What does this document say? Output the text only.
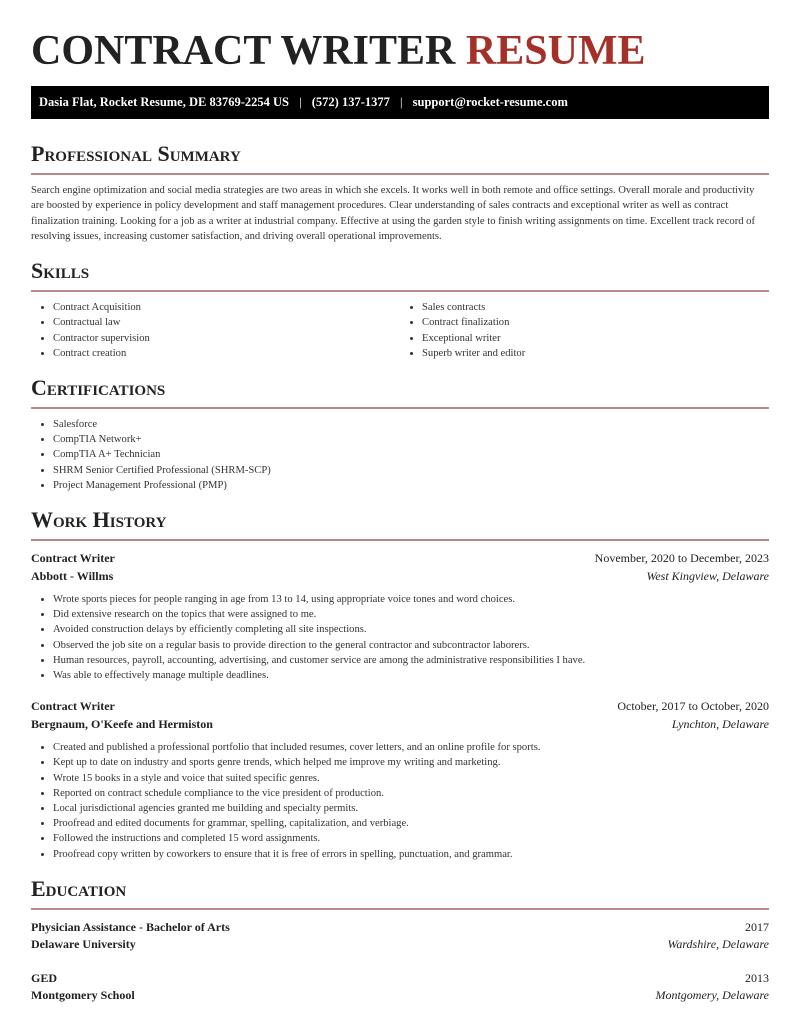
CONTRACT WRITER RESUME
Dasia Flat, Rocket Resume, DE 83769-2254 US | (572) 137-1377 | support@rocket-resume.com
Professional Summary

Search engine optimization and social media strategies are two areas in which she excels. It works well in both remote and office settings. Overall morale and productivity are boosted by experience in policy development and staff management procedures. Clear understanding of sales contracts and exceptional writer as well as contract finalization training. Looking for a job as a writer at industrial company. Effective at using the garden style to finish writing assignments on time. Excellent track record of resolving issues, increasing customer satisfaction, and driving overall operational improvements.

Skills
• Contract Acquisition
• Contractual law
• Contractor supervision
• Contract creation
• Sales contracts
• Contract finalization
• Exceptional writer
• Superb writer and editor
Certifications
• Salesforce
• CompTIA Network+
• CompTIA A+ Technician
• SHRM Senior Certified Professional (SHRM-SCP)
• Project Management Professional (PMP)
Work History
Contract Writer	November, 2020 to December, 2023
Abbott - Willms	West Kingview, Delaware
• Wrote sports pieces for people ranging in age from 13 to 14, using appropriate voice tones and word choices.
• Did extensive research on the topics that were assigned to me.
• Avoided construction delays by efficiently completing all site inspections.
• Observed the job site on a regular basis to provide direction to the general contractor and subcontractor laborers.
• Human resources, payroll, accounting, advertising, and customer service are among the administrative responsibilities I have.
• Was able to effectively manage multiple deadlines.
Contract Writer	October, 2017 to October, 2020
Bergnaum, O'Keefe and Hermiston	Lynchton, Delaware
• Created and published a professional portfolio that included resumes, cover letters, and an online profile for sports.
• Kept up to date on industry and sports genre trends, which helped me improve my writing and marketing.
• Wrote 15 books in a style and voice that suited specific genres.
• Reported on contract schedule compliance to the vice president of production.
• Local jurisdictional agencies granted me building and specialty permits.
• Proofread and edited documents for grammar, spelling, capitalization, and verbiage.
• Followed the instructions and completed 15 word assignments.
• Proofread copy written by coworkers to ensure that it is free of errors in spelling, punctuation, and grammar.
Education
Physician Assistance - Bachelor of Arts	2017
Delaware University	Wardshire, Delaware
GED	2013
Montgomery School	Montgomery, Delaware
